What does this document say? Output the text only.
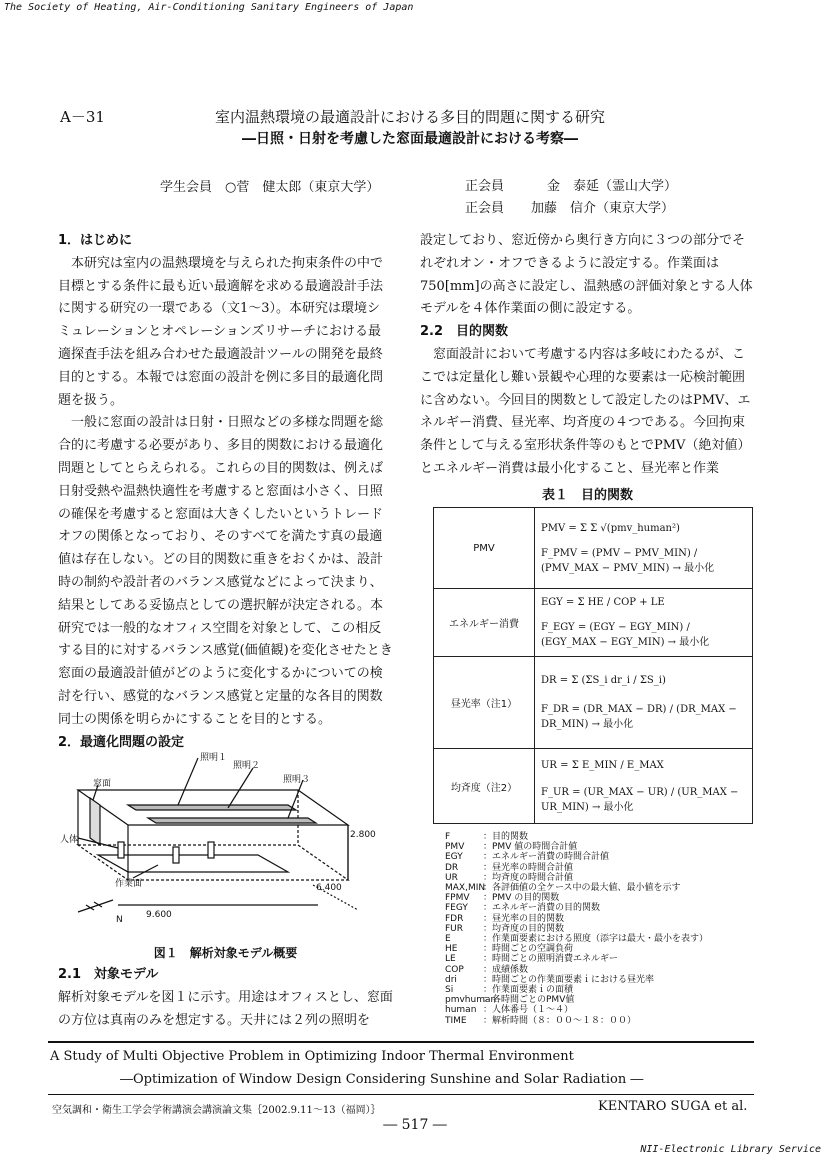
The Society of Heating, Air-Conditioning Sanitary Engineers of Japan
NII-Electronic Library Service
A－31	室内温熱環境の最適設計における多目的問題に関する研究
―日照・日射を考慮した窓面最適設計における考察―
学生会員　○菅　健太郎（東京大学）	正会員	金　泰延（霊山大学）
正会員 加藤　信介（東京大学）
1．はじめに

本研究は室内の温熱環境を与えられた拘束条件の中で目標とする条件に最も近い最適解を求める最適設計手法に関する研究の一環である（文1～3）。本研究は環境シミュレーションとオペレーションズリサーチにおける最適探査手法を組み合わせた最適設計ツールの開発を最終目的とする。本報では窓面の設計を例に多目的最適化問題を扱う。

一般に窓面の設計は日射・日照などの多様な問題を総合的に考慮する必要があり、多目的関数における最適化問題としてとらえられる。これらの目的関数は、例えば日射受熱や温熱快適性を考慮すると窓面は小さく、日照の確保を考慮すると窓面は大きくしたいというトレードオフの関係となっており、そのすべてを満たす真の最適値は存在しない。どの目的関数に重きをおくかは、設計時の制約や設計者のバランス感覚などによって決まり、結果としてある妥協点としての選択解が決定される。本研究では一般的なオフィス空間を対象として、この相反する目的に対するバランス感覚(価値観)を変化させたとき窓面の最適設計値がどのように変化するかについての検討を行い、感覚的なバランス感覚と定量的な各目的関数同士の関係を明らかにすることを目的とする。

2．最適化問題の設定
照明１
照明２
照明３
窓面
人体
作業面
2.800
6.400
9.600
N
図１　解析対象モデル概要
2.1　対象モデル

解析対象モデルを図１に示す。用途はオフィスとし、窓面の方位は真南のみを想定する。天井には２列の照明を

設定しており、窓近傍から奥行き方向に３つの部分でそれぞれオン・オフできるように設定する。作業面は750[mm]の高さに設定し、温熱感の評価対象とする人体モデルを４体作業面の側に設定する。

2.2　目的関数

窓面設計において考慮する内容は多岐にわたるが、ここでは定量化し難い景観や心理的な要素は一応検討範囲に含めない。今回目的関数として設定したのはPMV、エネルギー消費、昼光率、均斉度の４つである。今回拘束条件として与える室形状条件等のもとでPMV（絶対値）とエネルギー消費は最小化すること、昼光率と作業

表１　目的関数
PMV	PMV = Σ Σ √(pmv_human²)
F_PMV = (PMV − PMV_MIN) / (PMV_MAX − PMV_MIN) → 最小化

エネルギー消費	EGY = Σ HE / COP + LE
F_EGY = (EGY − EGY_MIN) / (EGY_MAX − EGY_MIN) → 最小化

昼光率（注1）	DR = Σ (ΣS_i dr_i / ΣS_i)
F_DR = (DR_MAX − DR) / (DR_MAX − DR_MIN) → 最小化

均斉度（注2）	UR = Σ E_MIN / E_MAX
F_UR = (UR_MAX − UR) / (UR_MAX − UR_MIN) → 最小化
F	：目的関数
PMV ：PMV 値の時間合計値
EGY ：エネルギー消費の時間合計値
DR	：昼光率の時間合計値
UR	：均斉度の時間合計値
MAX,MIN：各評価値の全ケース中の最大値、最小値を示す
FPMV ：PMV の目的関数
FEGY ：エネルギー消費の目的関数
FDR ：昼光率の目的関数
FUR ：均斉度の目的関数
E	：作業面要素における照度（添字は最大・最小を表す）
HE	：時間ごとの空調負荷
LE	：時間ごとの照明消費エネルギー
COP ：成績係数
dri	：時間ごとの作業面要素ｉにおける昼光率
Si	：作業面要素ｉの面積
pmvhuman：各時間ごとのPMV値
human ：人体番号（１～４）
TIME ：解析時間（８：００～１８：００）
A Study of Multi Objective Problem in Optimizing Indoor Thermal Environment
―Optimization of Window Design Considering Sunshine and Solar Radiation ―
空気調和・衛生工学会学術講演会講演論文集｛2002.9.11～13（福岡）｝	KENTARO SUGA et al.
― 517 ―
